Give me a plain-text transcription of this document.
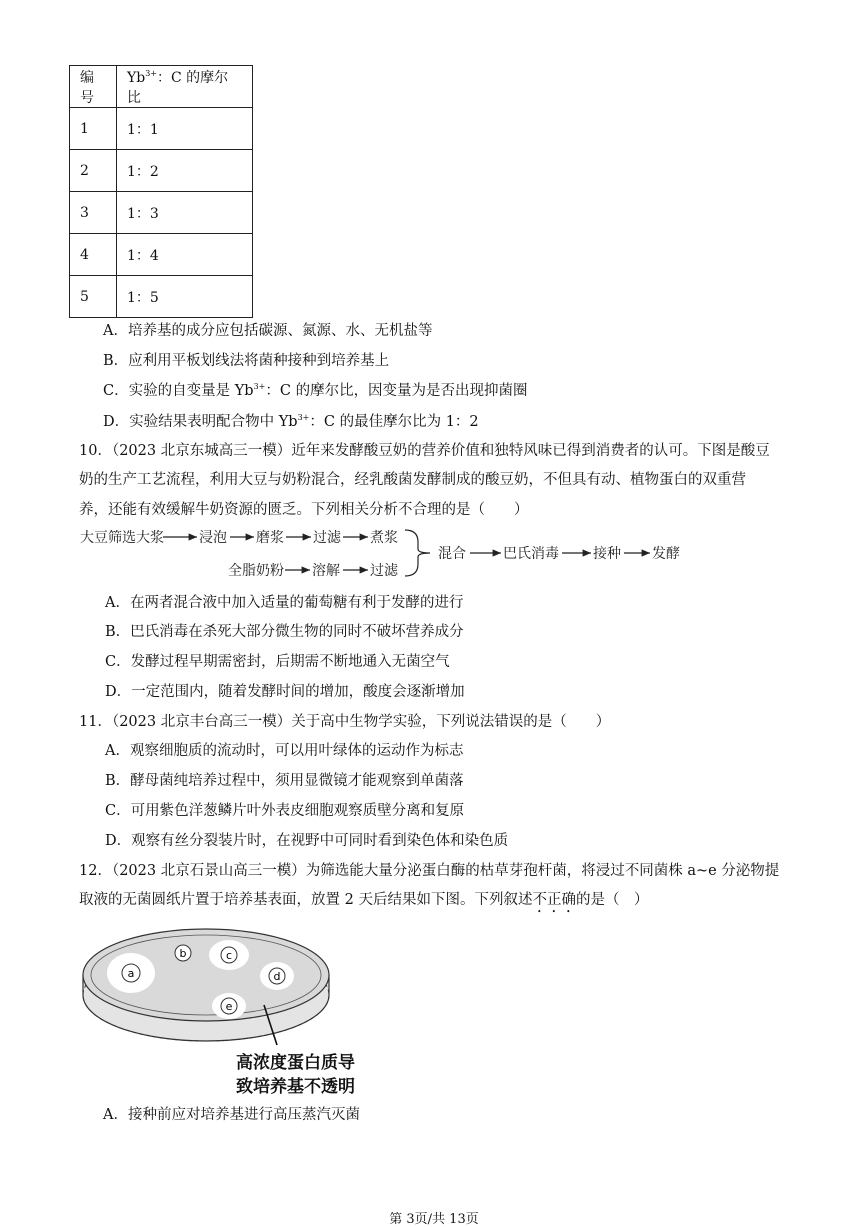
编号	$Yb^{3+}$：C 的摩尔比
1	1：1
2	1：2
3	1：3
4	1：4
5	1：5
A．培养基的成分应包括碳源、氮源、水、无机盐等
B．应利用平板划线法将菌种接种到培养基上
C．实验的自变量是 $Yb^{3+}$：C 的摩尔比，因变量为是否出现抑菌圈
D．实验结果表明配合物中 $Yb^{3+}$：C 的最佳摩尔比为 1：2
10．（2023 北京东城高三一模）近年来发酵酸豆奶的营养价值和独特风味已得到消费者的认可。下图是酸豆
奶的生产工艺流程，利用大豆与奶粉混合，经乳酸菌发酵制成的酸豆奶，不但具有动、植物蛋白的双重营
养，还能有效缓解牛奶资源的匮乏。下列相关分析不合理的是（　　）
大豆筛选大浆	浸泡 磨浆 过滤 煮浆
全脂奶粉 溶解 过滤
混合	巴氏消毒 接种 发酵
A．在两者混合液中加入适量的葡萄糖有利于发酵的进行
B．巴氏消毒在杀死大部分微生物的同时不破坏营养成分
C．发酵过程早期需密封，后期需不断地通入无菌空气
D．一定范围内，随着发酵时间的增加，酸度会逐渐增加
11．（2023 北京丰台高三一模）关于高中生物学实验，下列说法错误的是（　　）
A．观察细胞质的流动时，可以用叶绿体的运动作为标志
B．酵母菌纯培养过程中，须用显微镜才能观察到单菌落
C．可用紫色洋葱鳞片叶外表皮细胞观察质壁分离和复原
D．观察有丝分裂装片时，在视野中可同时看到染色体和染色质
12．（2023 北京石景山高三一模）为筛选能大量分泌蛋白酶的枯草芽孢杆菌，将浸过不同菌株 a~e 分泌物提
取液的无菌圆纸片置于培养基表面，放置 2 天后结果如下图。下列叙述不正确的是（　）
a
b	c
d
e
高浓度蛋白质导
致培养基不透明
A．接种前应对培养基进行高压蒸汽灭菌
第 3页/共 13页
